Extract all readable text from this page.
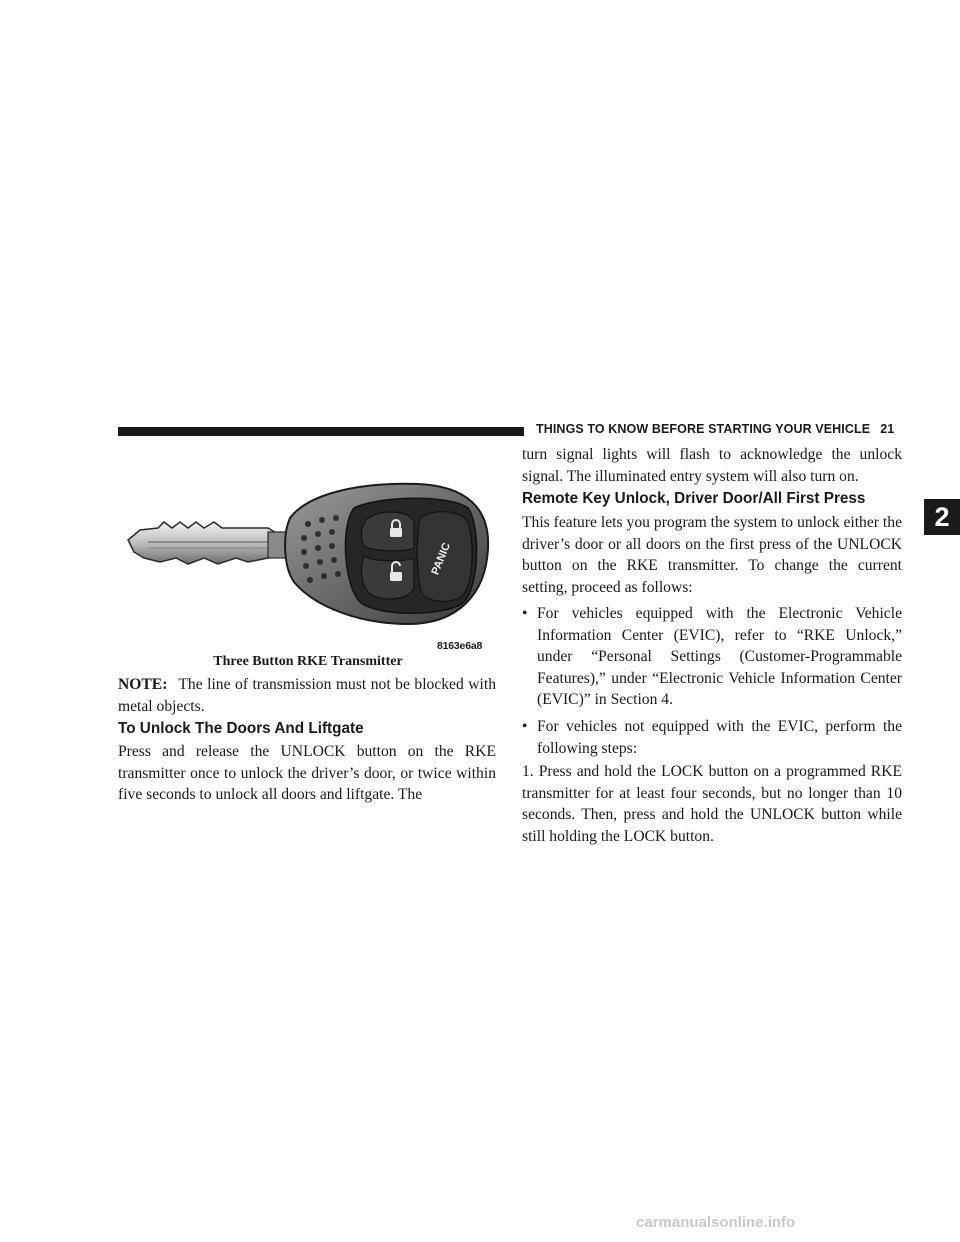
THINGS TO KNOW BEFORE STARTING YOUR VEHICLE 21
2
PANIC
8163e6a8
Three Button RKE Transmitter
NOTE: The line of transmission must not be blocked with metal objects.
To Unlock The Doors And Liftgate
Press and release the UNLOCK button on the RKE transmitter once to unlock the driver’s door, or twice within five seconds to unlock all doors and liftgate. The
turn signal lights will flash to acknowledge the unlock signal. The illuminated entry system will also turn on.
Remote Key Unlock, Driver Door/All First Press
This feature lets you program the system to unlock either the driver’s door or all doors on the first press of the UNLOCK button on the RKE transmitter. To change the current setting, proceed as follows:
• For vehicles equipped with the Electronic Vehicle Information Center (EVIC), refer to “RKE Unlock,” under “Personal Settings (Customer-Programmable Features),” under “Electronic Vehicle Information Center (EVIC)” in Section 4.
• For vehicles not equipped with the EVIC, perform the following steps:
1. Press and hold the LOCK button on a programmed RKE transmitter for at least four seconds, but no longer than 10 seconds. Then, press and hold the UNLOCK button while still holding the LOCK button.
carmanualsonline.info
